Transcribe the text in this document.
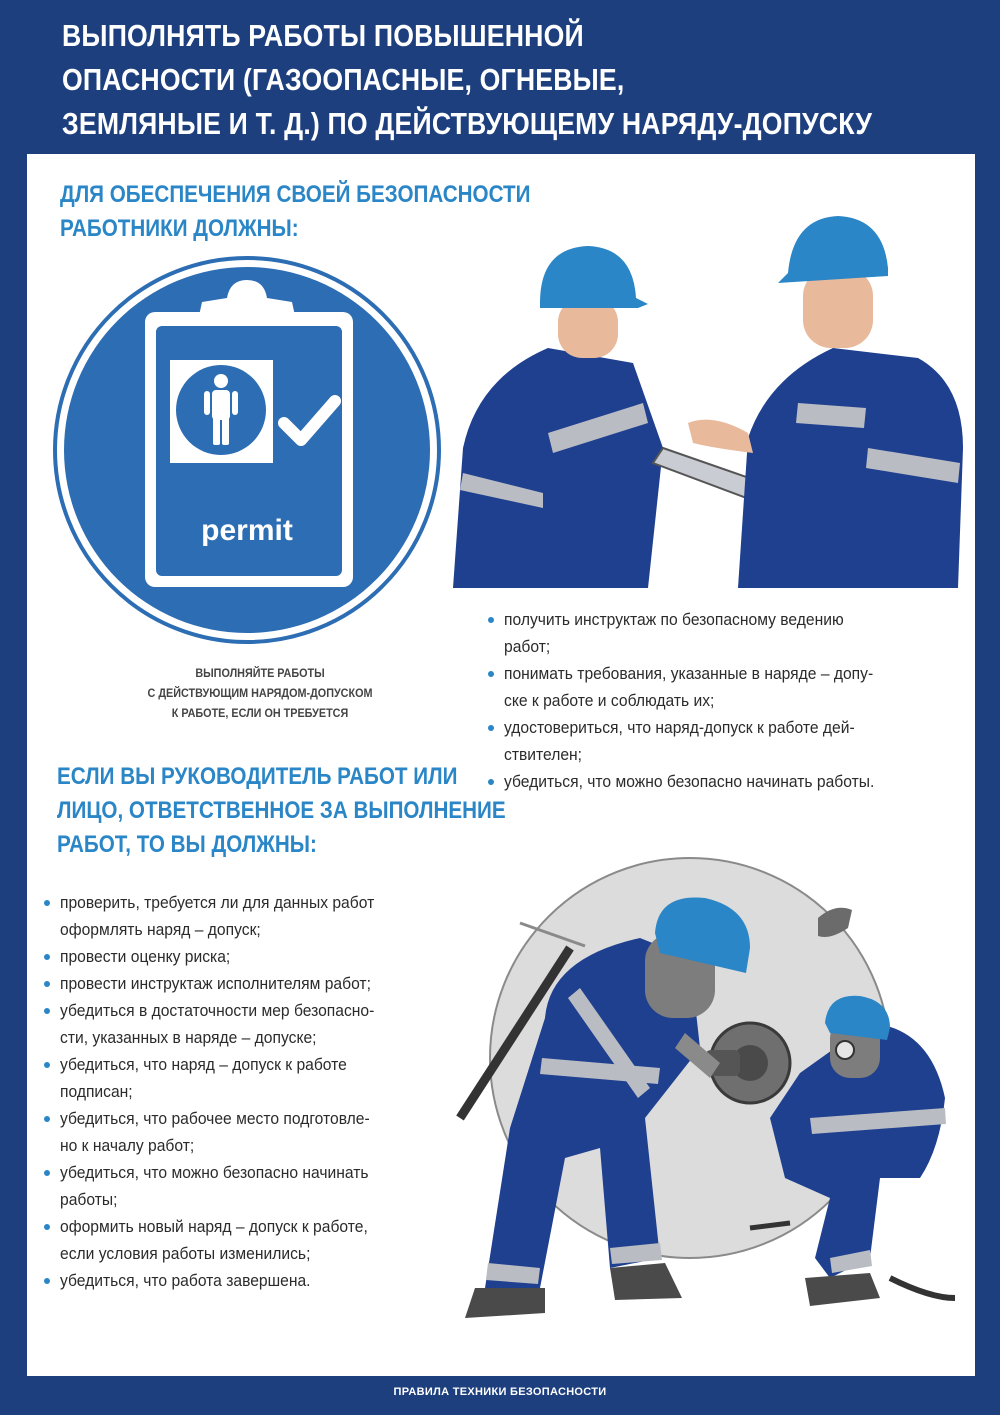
ВЫПОЛНЯТЬ РАБОТЫ ПОВЫШЕННОЙ
ОПАСНОСТИ (ГАЗООПАСНЫЕ, ОГНЕВЫЕ,
ЗЕМЛЯНЫЕ И Т. Д.) ПО ДЕЙСТВУЮЩЕМУ НАРЯДУ-ДОПУСКУ
ДЛЯ ОБЕСПЕЧЕНИЯ СВОЕЙ БЕЗОПАСНОСТИ
РАБОТНИКИ ДОЛЖНЫ:
permit
ВЫПОЛНЯЙТЕ РАБОТЫ
С ДЕЙСТВУЮЩИМ НАРЯДОМ-ДОПУСКОМ
К РАБОТЕ, ЕСЛИ ОН ТРЕБУЕТСЯ
получить инструктаж по безопасному ведению
работ;
понимать требования, указанные в наряде – допу-
ске к работе и соблюдать их;
удостовериться, что наряд-допуск к работе дей-
ствителен;
убедиться, что можно безопасно начинать работы.
ЕСЛИ ВЫ РУКОВОДИТЕЛЬ РАБОТ ИЛИ
ЛИЦО, ОТВЕТСТВЕННОЕ ЗА ВЫПОЛНЕНИЕ
РАБОТ, ТО ВЫ ДОЛЖНЫ:
проверить, требуется ли для данных работ
оформлять наряд – допуск;
провести оценку риска;
провести инструктаж исполнителям работ;
убедиться в достаточности мер безопасно-
сти, указанных в наряде – допуске;
убедиться, что наряд – допуск к работе
подписан;
убедиться, что рабочее место подготовле-
но к началу работ;
убедиться, что можно безопасно начинать
работы;
оформить новый наряд – допуск к работе,
если условия работы изменились;
убедиться, что работа завершена.
ПРАВИЛА ТЕХНИКИ БЕЗОПАСНОСТИ
